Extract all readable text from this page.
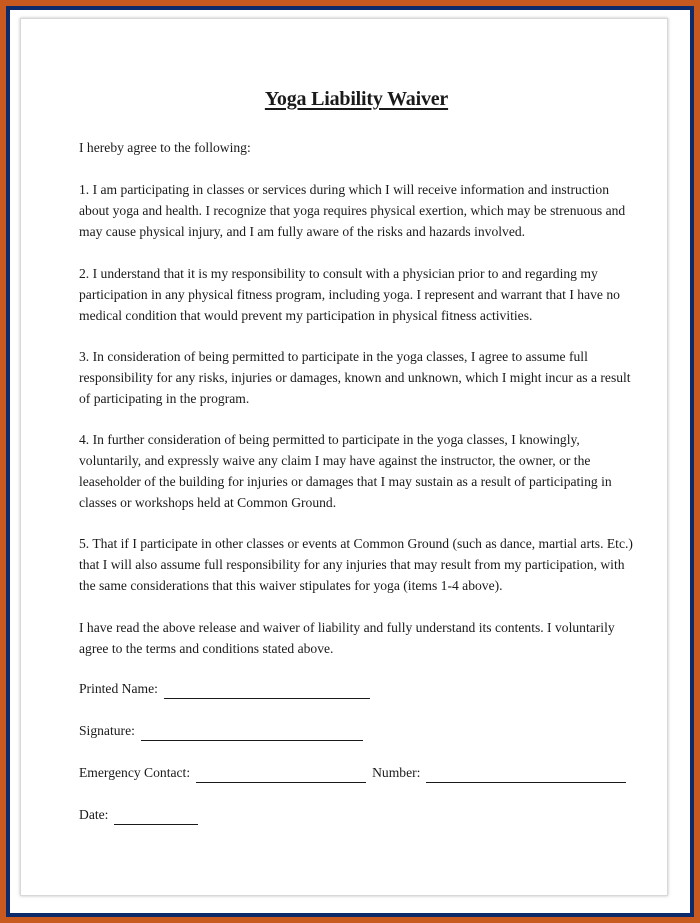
Yoga Liability Waiver
I hereby agree to the following:
1. I am participating in classes or services during which I will receive information and instruction about yoga and health. I recognize that yoga requires physical exertion, which may be strenuous and may cause physical injury, and I am fully aware of the risks and hazards involved.
2. I understand that it is my responsibility to consult with a physician prior to and regarding my participation in any physical fitness program, including yoga. I represent and warrant that I have no medical condition that would prevent my participation in physical fitness activities.
3. In consideration of being permitted to participate in the yoga classes, I agree to assume full responsibility for any risks, injuries or damages, known and unknown, which I might incur as a result of participating in the program.
4. In further consideration of being permitted to participate in the yoga classes, I knowingly, voluntarily, and expressly waive any claim I may have against the instructor, the owner, or the leaseholder of the building for injuries or damages that I may sustain as a result of participating in classes or workshops held at Common Ground.
5. That if I participate in other classes or events at Common Ground (such as dance, martial arts. Etc.) that I will also assume full responsibility for any injuries that may result from my participation, with the same considerations that this waiver stipulates for yoga (items 1-4 above).
I have read the above release and waiver of liability and fully understand its contents. I voluntarily agree to the terms and conditions stated above.
Printed Name:
Signature:
Emergency Contact:	Number:
Date:
